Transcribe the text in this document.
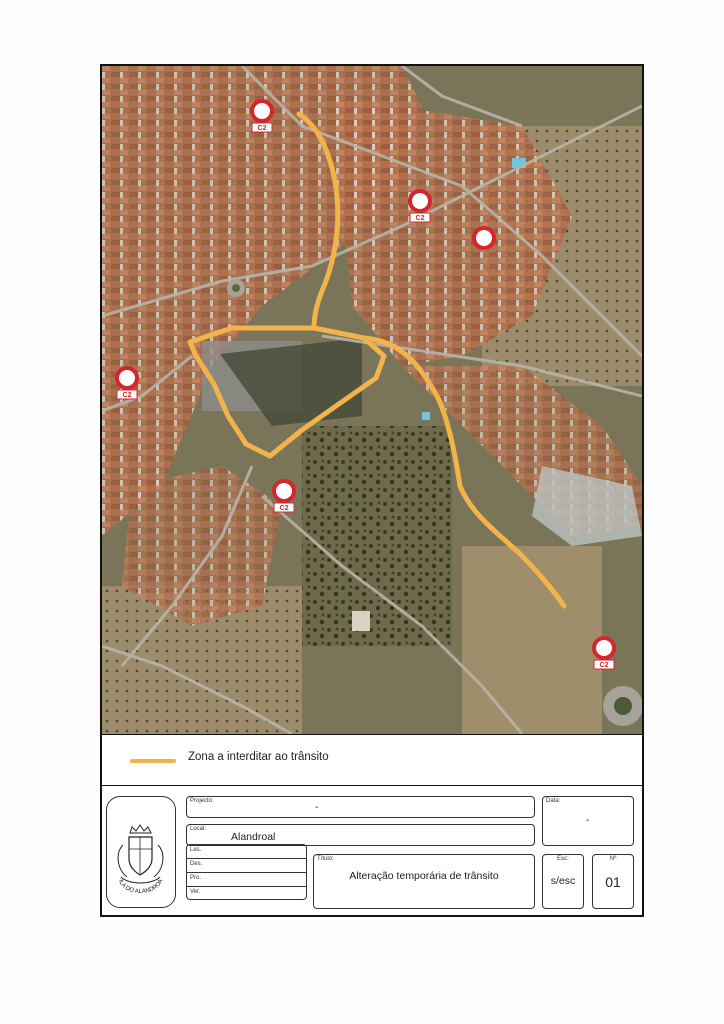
C2
C2
C2
C2
C2
Zona a interditar ao trânsito
ILA DO ALANDROA
Projecto:
-
Local:
Alandroal
Data:
-
Les.
Des.
Pro.
Ver.
Título:
Alteração temporária de trânsito
Esc:
s/esc
Nº
01
